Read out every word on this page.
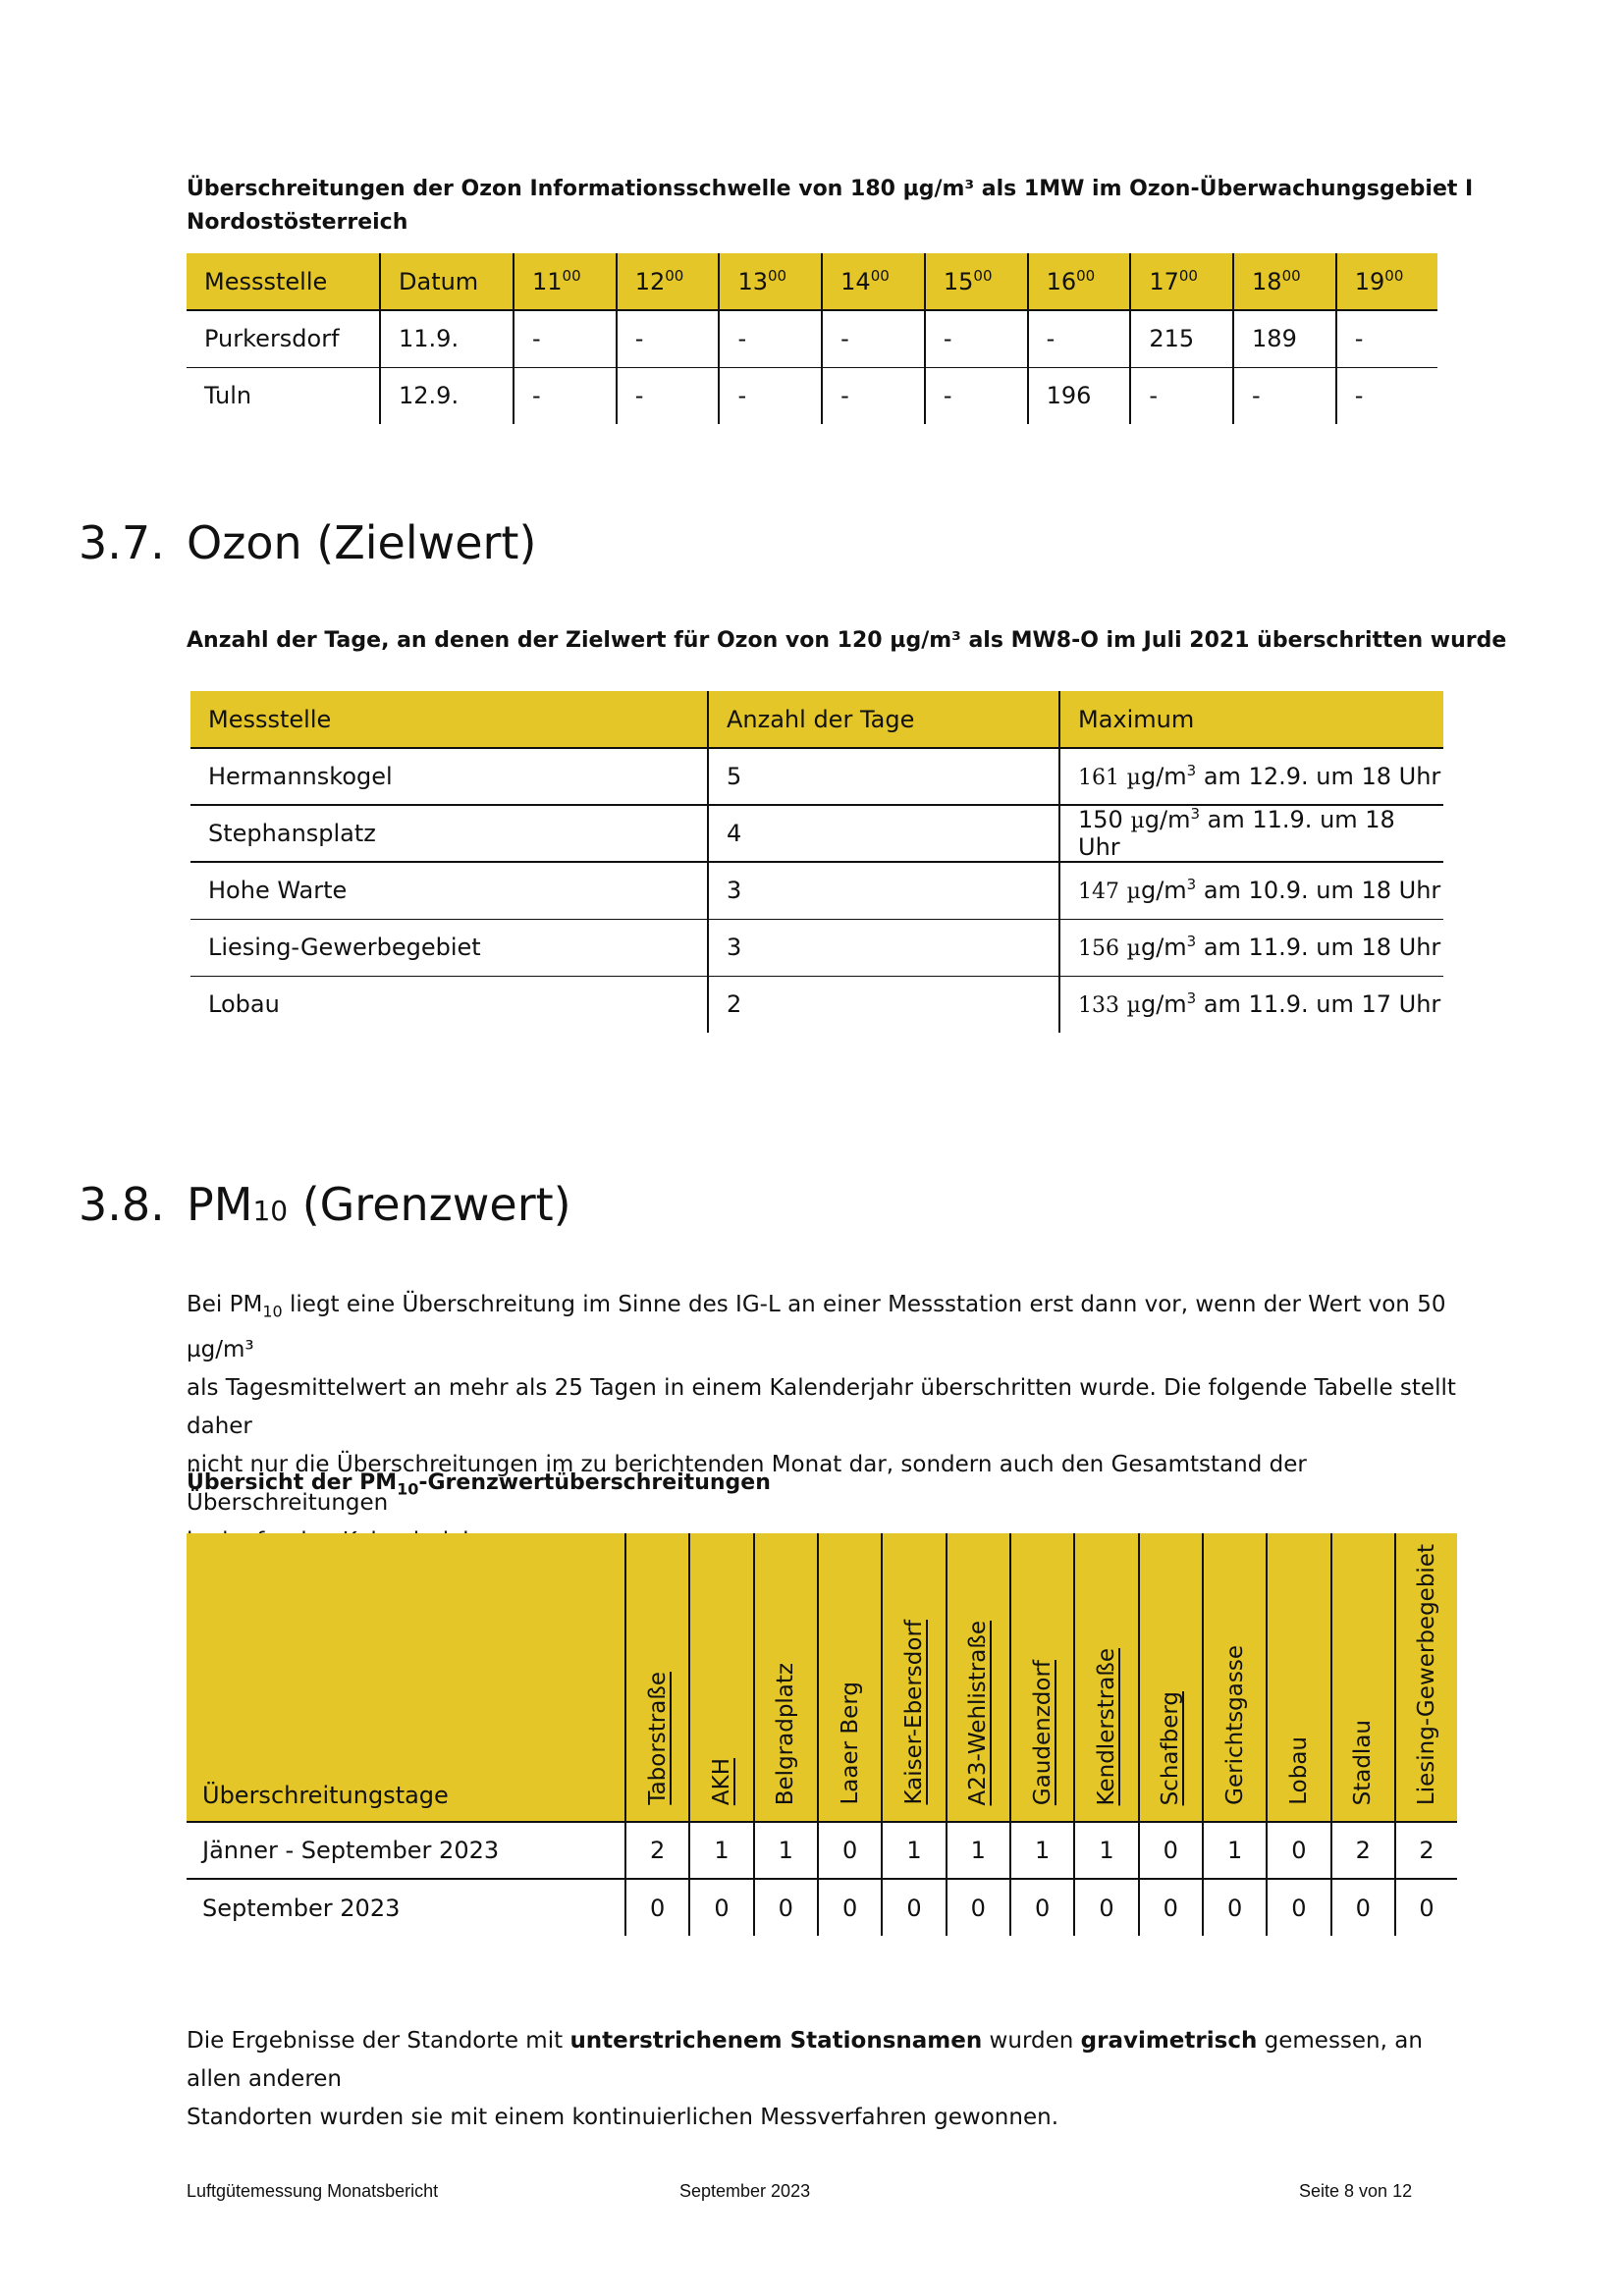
Überschreitungen der Ozon Informationsschwelle von 180 µg/m³ als 1MW im Ozon-Überwachungsgebiet I
Nordostösterreich
Messstelle	Datum	$11^{00}$	$12^{00}$	$13^{00}$	$14^{00}$	$15^{00}$	$16^{00}$	$17^{00}$	$18^{00}$	$19^{00}$
Purkersdorf	11.9.	-	-	-	-	-	-	215	189	-
Tuln	12.9.	-	-	-	-	-	196	-	-	-
3.7. Ozon (Zielwert)
Anzahl der Tage, an denen der Zielwert für Ozon von 120 µg/m³ als MW8-O im Juli 2021 überschritten wurde
Messstelle	Anzahl der Tage	Maximum
Hermannskogel	5	161 $\mu g/m^3$ am 12.9. um 18 Uhr
Stephansplatz	4	150 $\mu g/m^3$ am 11.9. um 18 Uhr
Hohe Warte	3	147 $\mu g/m^3$ am 10.9. um 18 Uhr
Liesing-Gewerbegebiet	3	156 $\mu g/m^3$ am 11.9. um 18 Uhr
Lobau	2	133 $\mu g/m^3$ am 11.9. um 17 Uhr
3.8. PM10 (Grenzwert)
Bei $PM_{10}$ liegt eine Überschreitung im Sinne des IG-L an einer Messstation erst dann vor, wenn der Wert von 50 µg/m³
als Tagesmittelwert an mehr als 25 Tagen in einem Kalenderjahr überschritten wurde. Die folgende Tabelle stellt daher
nicht nur die Überschreitungen im zu berichtenden Monat dar, sondern auch den Gesamtstand der Überschreitungen
im laufenden Kalenderjahr.
Übersicht der $PM_{10}$-Grenzwertüberschreitungen
Überschreitungstage	Taborstraße	AKH	Belgradplatz	Laaer Berg	Kaiser-Ebersdorf	A23-Wehlistraße	Gaudenzdorf	Kendlerstraße	Schafberg	Gerichtsgasse	Lobau	Stadlau	Liesing-Gewerbegebiet
Jänner - September 2023	2	1	1	0	1	1	1	1	0	1	0	2	2
September 2023	0	0	0	0	0	0	0	0	0	0	0	0	0
Die Ergebnisse der Standorte mit unterstrichenem Stationsnamen wurden gravimetrisch gemessen, an allen anderen
Standorten wurden sie mit einem kontinuierlichen Messverfahren gewonnen.
Luftgütemessung Monatsbericht	September 2023	Seite 8 von 12
